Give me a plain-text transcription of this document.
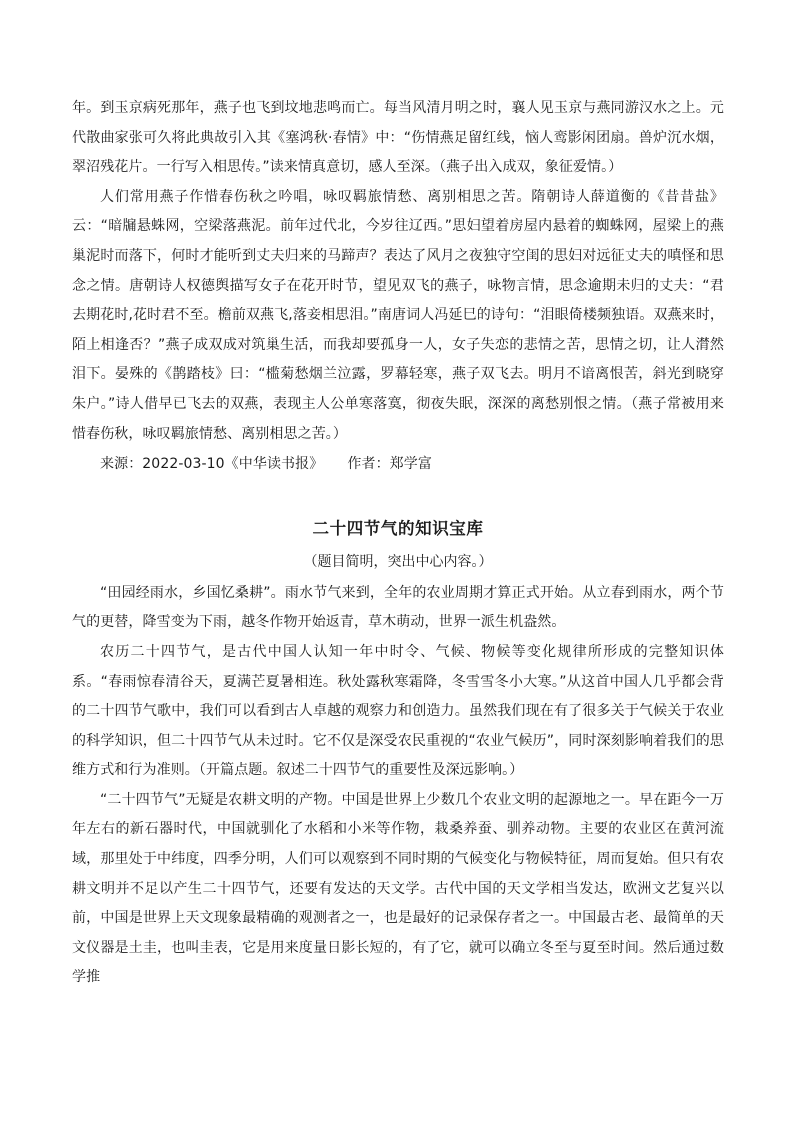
年。到玉京病死那年，燕子也飞到坟地悲鸣而亡。每当风清月明之时，襄人见玉京与燕同游汉水之上。元代散曲家张可久将此典故引入其《塞鸿秋·春情》中：“伤情燕足留红线，恼人鸾影闲团扇。兽炉沉水烟，翠沼残花片。一行写入相思传。”读来情真意切，感人至深。（燕子出入成双，象征爱情。）

人们常用燕子作惜春伤秋之吟唱，咏叹羁旅情愁、离别相思之苦。隋朝诗人薛道衡的《昔昔盐》云：“暗牖悬蛛网，空梁落燕泥。前年过代北，今岁往辽西。”思妇望着房屋内悬着的蜘蛛网，屋梁上的燕巢泥时而落下，何时才能听到丈夫归来的马蹄声？表达了风月之夜独守空闺的思妇对远征丈夫的嗔怪和思念之情。唐朝诗人权德舆描写女子在花开时节，望见双飞的燕子，咏物言情，思念逾期未归的丈夫：“君去期花时,花时君不至。檐前双燕飞,落妾相思泪。”南唐词人冯延巳的诗句：“泪眼倚楼频独语。双燕来时，陌上相逢否？”燕子成双成对筑巢生活，而我却要孤身一人，女子失恋的悲情之苦，思情之切，让人潸然泪下。晏殊的《鹊踏枝》曰：“槛菊愁烟兰泣露，罗幕轻寒，燕子双飞去。明月不谙离恨苦，斜光到晓穿朱户。”诗人借早已飞去的双燕，表现主人公单寒落寞，彻夜失眠，深深的离愁别恨之情。（燕子常被用来惜春伤秋，咏叹羁旅情愁、离别相思之苦。）

来源：2022-03-10《中华读书报》 作者：郑学富

二十四节气的知识宝库
（题目简明，突出中心内容。）

“田园经雨水，乡国忆桑耕”。雨水节气来到，全年的农业周期才算正式开始。从立春到雨水，两个节气的更替，降雪变为下雨，越冬作物开始返青，草木萌动，世界一派生机盎然。

农历二十四节气，是古代中国人认知一年中时令、气候、物候等变化规律所形成的完整知识体系。“春雨惊春清谷天，夏满芒夏暑相连。秋处露秋寒霜降，冬雪雪冬小大寒。”从这首中国人几乎都会背的二十四节气歌中，我们可以看到古人卓越的观察力和创造力。虽然我们现在有了很多关于气候关于农业的科学知识，但二十四节气从未过时。它不仅是深受农民重视的“农业气候历”，同时深刻影响着我们的思维方式和行为准则。（开篇点题。叙述二十四节气的重要性及深远影响。）

“二十四节气”无疑是农耕文明的产物。中国是世界上少数几个农业文明的起源地之一。早在距今一万年左右的新石器时代，中国就驯化了水稻和小米等作物，栽桑养蚕、驯养动物。主要的农业区在黄河流域，那里处于中纬度，四季分明，人们可以观察到不同时期的气候变化与物候特征，周而复始。但只有农耕文明并不足以产生二十四节气，还要有发达的天文学。古代中国的天文学相当发达，欧洲文艺复兴以前，中国是世界上天文现象最精确的观测者之一，也是最好的记录保存者之一。中国最古老、最简单的天文仪器是土圭，也叫圭表，它是用来度量日影长短的，有了它，就可以确立冬至与夏至时间。然后通过数学推
